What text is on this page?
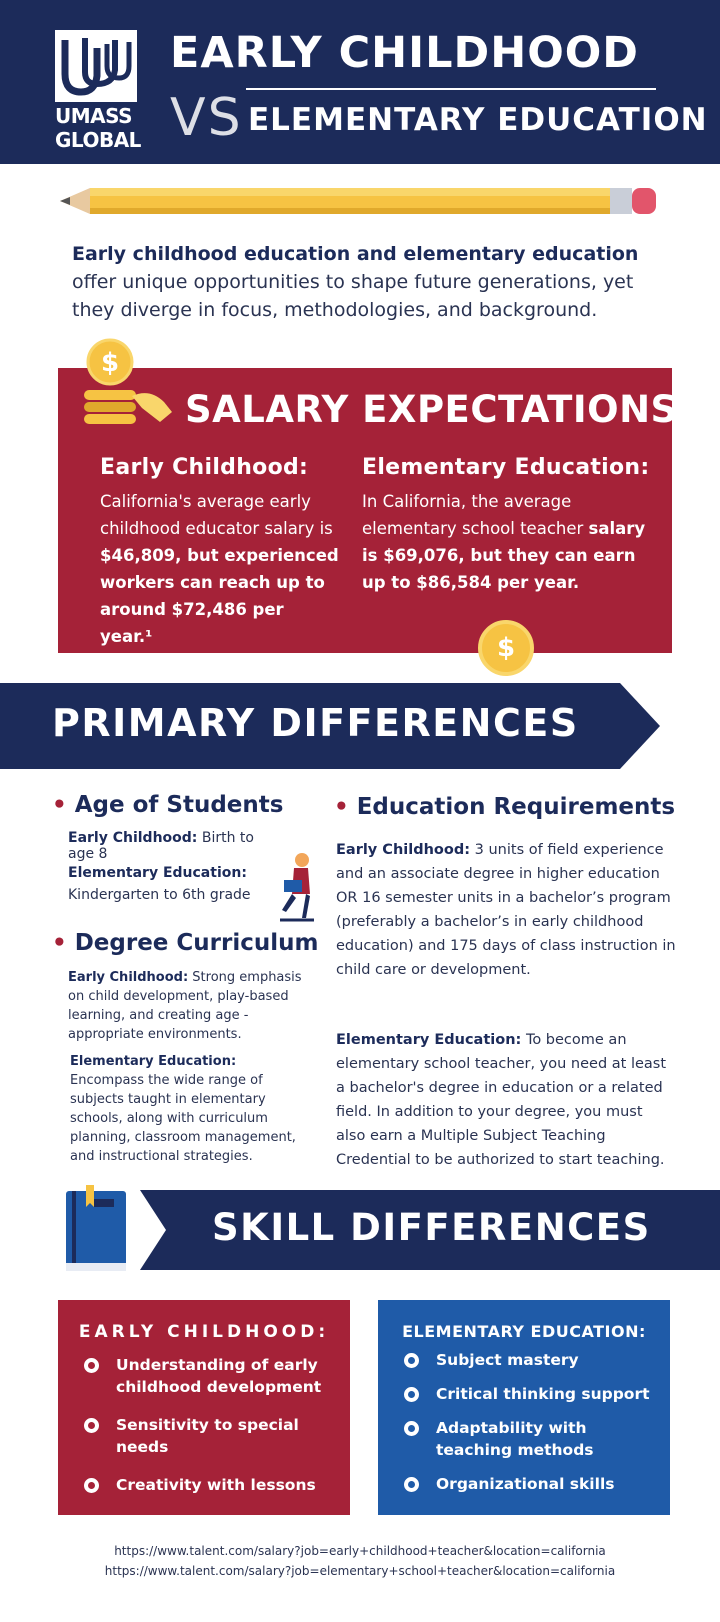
UMASS
GLOBAL
EARLY CHILDHOOD
VS ELEMENTARY EDUCATION
Early childhood education and elementary education offer unique opportunities to shape future generations, yet they diverge in focus, methodologies, and background.
$
SALARY EXPECTATIONS
Early Childhood:

California's average early childhood educator salary is $46,809, but experienced workers can reach up to around $72,486 per year.¹

Elementary Education:

In California, the average elementary school teacher salary is $69,076, but they can earn up to $86,584 per year.

$
PRIMARY DIFFERENCES
• Age of Students
Early Childhood: Birth to age 8
Elementary Education:
Kindergarten to 6th grade
• Degree Curriculum
Early Childhood: Strong emphasis on child development, play-based learning, and creating age -appropriate environments.
Elementary Education:
Encompass the wide range of subjects taught in elementary schools, along with curriculum planning, classroom management, and instructional strategies.
• Education Requirements
Early Childhood: 3 units of field experience and an associate degree in higher education OR 16 semester units in a bachelor’s program (preferably a bachelor’s in early childhood education) and 175 days of class instruction in child care or development.
Elementary Education: To become an elementary school teacher, you need at least a bachelor's degree in education or a related field. In addition to your degree, you must also earn a Multiple Subject Teaching Credential to be authorized to start teaching.
SKILL DIFFERENCES
EARLY CHILDHOOD:
Understanding of early childhood development
Sensitivity to special needs
Creativity with lessons
ELEMENTARY EDUCATION:
Subject mastery
Critical thinking support
Adaptability with teaching methods
Organizational skills
https://www.talent.com/salary?job=early+childhood+teacher&location=california
https://www.talent.com/salary?job=elementary+school+teacher&location=california
